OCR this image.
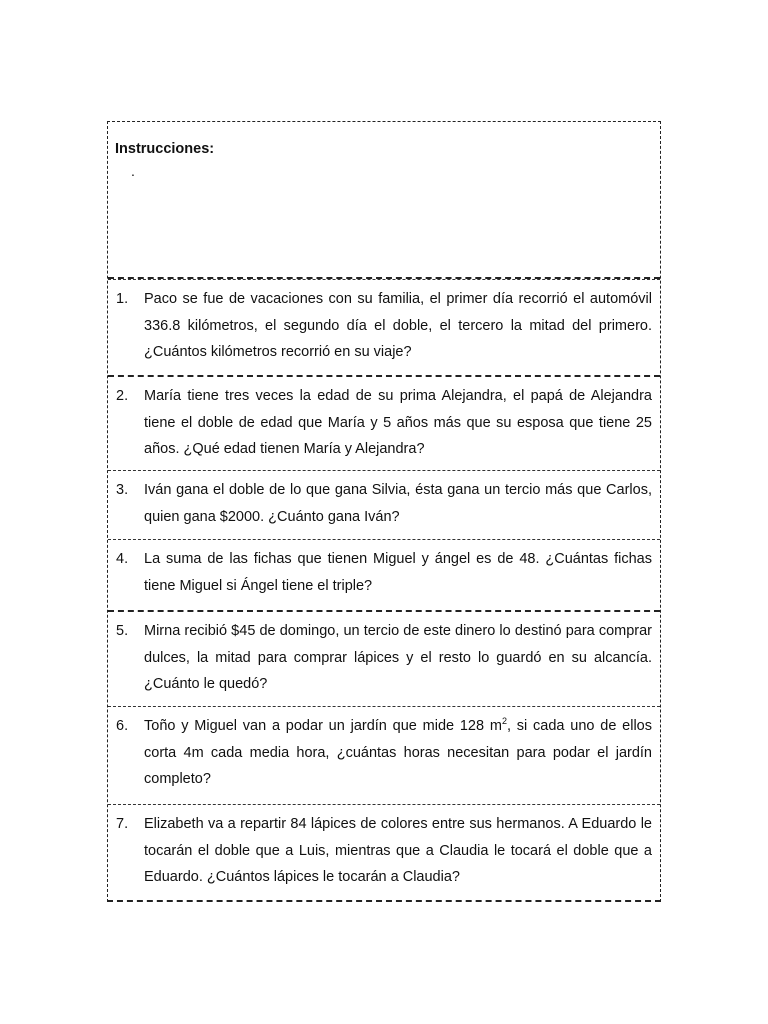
Instrucciones:
.
1.	Paco se fue de vacaciones con su familia, el primer día recorrió el automóvil 336.8 kilómetros, el segundo día el doble, el tercero la mitad del primero. ¿Cuántos kilómetros recorrió en su viaje?
2.	María tiene tres veces la edad de su prima Alejandra, el papá de Alejandra tiene el doble de edad que María y 5 años más que su esposa que tiene 25 años. ¿Qué edad tienen María y Alejandra?
3.	Iván gana el doble de lo que gana Silvia, ésta gana un tercio más que Carlos, quien gana $2000. ¿Cuánto gana Iván?
4.	La suma de las fichas que tienen Miguel y ángel es de 48. ¿Cuántas fichas tiene Miguel si Ángel tiene el triple?
5.	Mirna recibió $45 de domingo, un tercio de este dinero lo destinó para comprar dulces, la mitad para comprar lápices y el resto lo guardó en su alcancía. ¿Cuánto le quedó?
6.	Toño y Miguel van a podar un jardín que mide 128 $m^2$, si cada uno de ellos corta 4m cada media hora, ¿cuántas horas necesitan para podar el jardín completo?
7.	Elizabeth va a repartir 84 lápices de colores entre sus hermanos. A Eduardo le tocarán el doble que a Luis, mientras que a Claudia le tocará el doble que a Eduardo. ¿Cuántos lápices le tocarán a Claudia?
